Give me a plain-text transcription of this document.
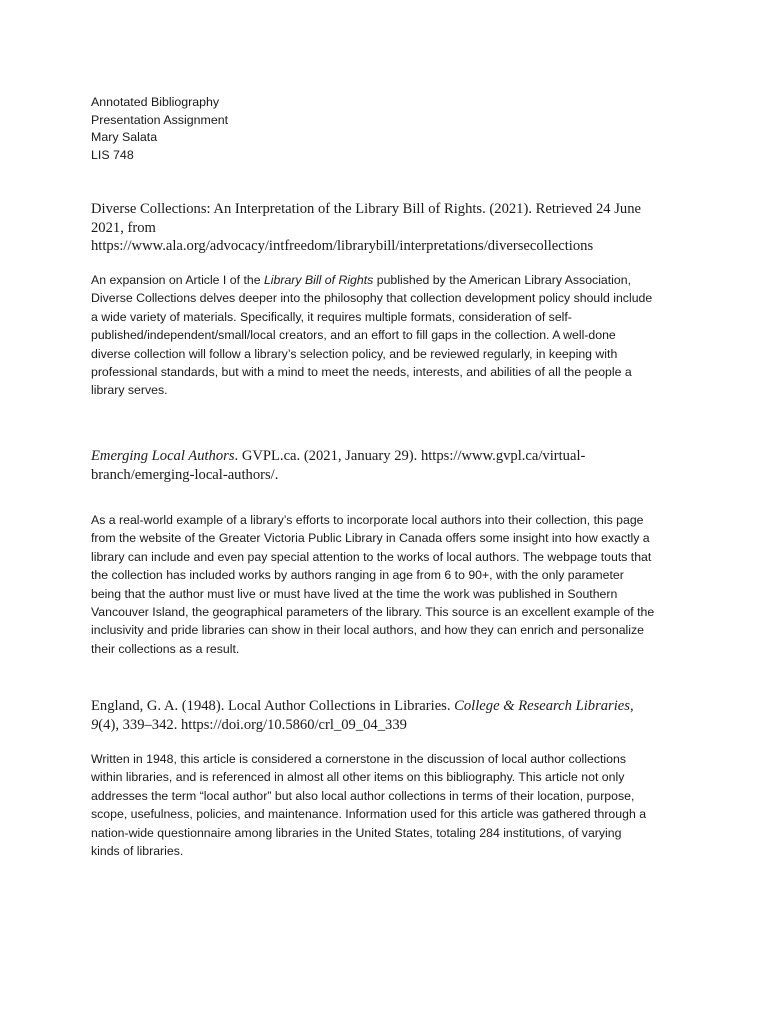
Annotated Bibliography
Presentation Assignment
Mary Salata
LIS 748
Diverse Collections: An Interpretation of the Library Bill of Rights. (2021). Retrieved 24 June
2021, from
https://www.ala.org/advocacy/intfreedom/librarybill/interpretations/diversecollections
An expansion on Article I of the Library Bill of Rights published by the American Library Association,
Diverse Collections delves deeper into the philosophy that collection development policy should include
a wide variety of materials. Specifically, it requires multiple formats, consideration of self-
published/independent/small/local creators, and an effort to fill gaps in the collection. A well-done
diverse collection will follow a library’s selection policy, and be reviewed regularly, in keeping with
professional standards, but with a mind to meet the needs, interests, and abilities of all the people a
library serves.
Emerging Local Authors. GVPL.ca. (2021, January 29). https://www.gvpl.ca/virtual-
branch/emerging-local-authors/.
As a real-world example of a library’s efforts to incorporate local authors into their collection, this page
from the website of the Greater Victoria Public Library in Canada offers some insight into how exactly a
library can include and even pay special attention to the works of local authors. The webpage touts that
the collection has included works by authors ranging in age from 6 to 90+, with the only parameter
being that the author must live or must have lived at the time the work was published in Southern
Vancouver Island, the geographical parameters of the library. This source is an excellent example of the
inclusivity and pride libraries can show in their local authors, and how they can enrich and personalize
their collections as a result.
England, G. A. (1948). Local Author Collections in Libraries. College & Research Libraries,
9(4), 339–342. https://doi.org/10.5860/crl_09_04_339
Written in 1948, this article is considered a cornerstone in the discussion of local author collections
within libraries, and is referenced in almost all other items on this bibliography. This article not only
addresses the term “local author” but also local author collections in terms of their location, purpose,
scope, usefulness, policies, and maintenance. Information used for this article was gathered through a
nation-wide questionnaire among libraries in the United States, totaling 284 institutions, of varying
kinds of libraries.
